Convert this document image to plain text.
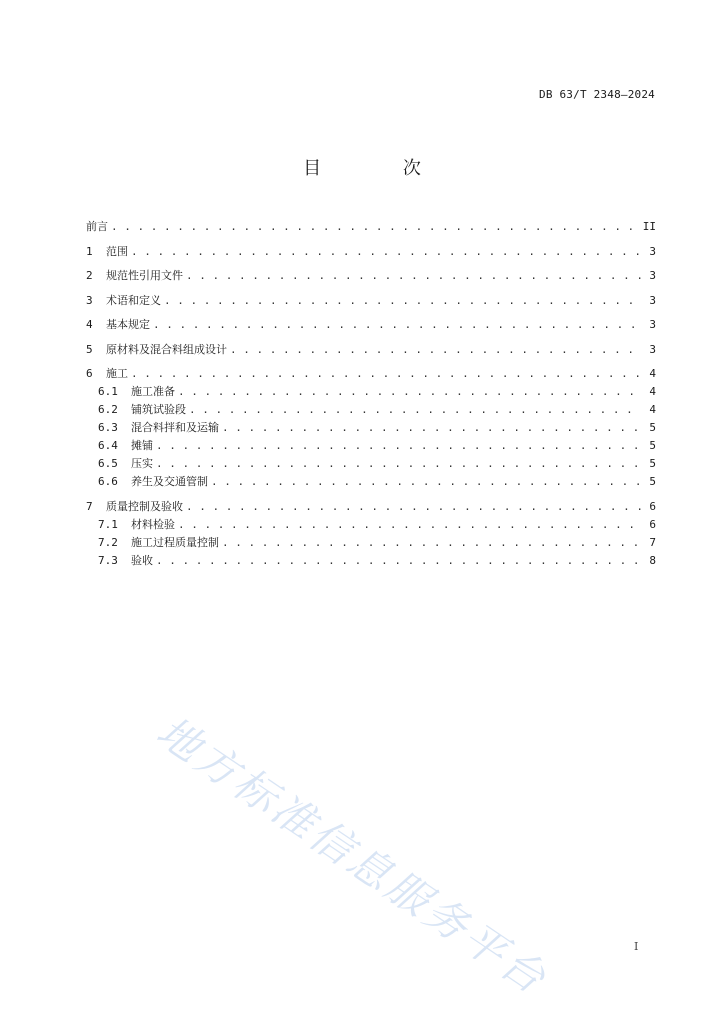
DB 63/T 2348—2024
目 次
前言 . . .	II
1	范围 . . .	3
2	规范性引用文件 . . .	3
3	术语和定义 . . .	3
4	基本规定 . . .	3
5	原材料及混合料组成设计 . . .	3
6	施工 . . .	4
6.1	施工准备 . . .	4
6.2	铺筑试验段 . . .	4
6.3	混合料拌和及运输 . . .	5
6.4	摊铺 . . .	5
6.5	压实 . . .	5
6.6	养生及交通管制 . . .	5
7	质量控制及验收 . . .	6
7.1	材料检验 . . .	6
7.2	施工过程质量控制 . . .	7
7.3	验收 . . .	8
地方标准信息服务平台	I
